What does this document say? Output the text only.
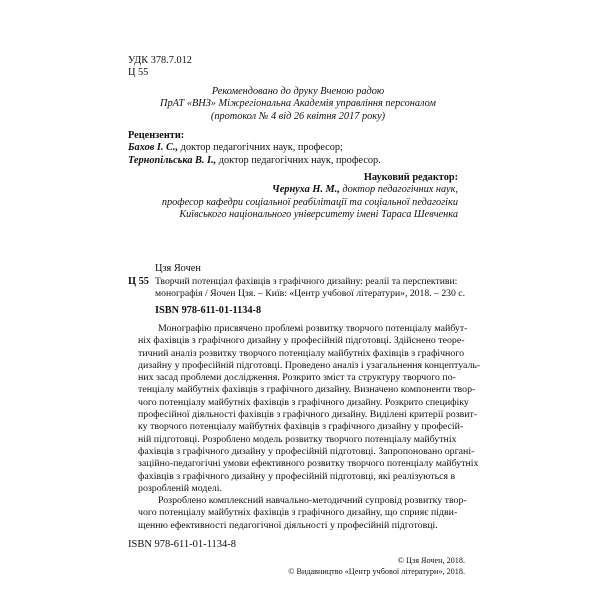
УДК 378.7.012
Ц 55
Рекомендовано до друку Вченою радою
ПрАТ «ВНЗ» Міжрегіональна Академія управління персоналом
(протокол № 4 від 26 квітня 2017 року)
Рецензенти:
Бахов І. С., доктор педагогічних наук, професор;
Тернопільська В. І., доктор педагогічних наук, професор.
Науковий редактор:
Чернуха Н. М., доктор педагогічних наук,
професор кафедри соціальної реабілітації та соціальної педагогіки
Київського національного університету імені Тараса Шевченка
Цзя Яочен
Ц 55 Творчий потенціал фахівців з графічного дизайну: реалії та перспективи:
монографія / Яочен Цзя. – Київ: «Центр учбової літератури», 2018. – 230 с.
ISBN 978-611-01-1134-8
Монографію присвячено проблемі розвитку творчого потенціалу майбут-
ніх фахівців з графічного дизайну у професійній підготовці. Здійснено теоре-
тичний аналіз розвитку творчого потенціалу майбутніх фахівців з графічного
дизайну у професійній підготовці. Проведено аналіз і узагальнення концептуаль-
них засад проблеми дослідження. Розкрито зміст та структуру творчого по-
тенціалу майбутніх фахівців з графічного дизайну. Визначено компоненти твор-
чого потенціалу майбутніх фахівців з графічного дизайну. Розкрито специфіку
професійної діяльності фахівців з графічного дизайну. Виділені критерії розвит-
ку творчого потенціалу майбутніх фахівців з графічного дизайну у професій-
ній підготовці. Розроблено модель розвитку творчого потенціалу майбутніх
фахівців з графічного дизайну у професійній підготовці. Запропоновано органі-
заційно-педагогічні умови ефективного розвитку творчого потенціалу майбутніх
фахівців з графічного дизайну у професійній підготовці, які реалізуються в
розробленій моделі.
Розроблено комплексний навчально-методичний супровід розвитку твор-
чого потенціалу майбутніх фахівців з графічного дизайну, що сприяє підви-
щенню ефективності педагогічної діяльності у професійній підготовці.
ISBN 978-611-01-1134-8
© Цзя Яочен, 2018.
© Видавництво «Центр учбової літератури», 2018.
